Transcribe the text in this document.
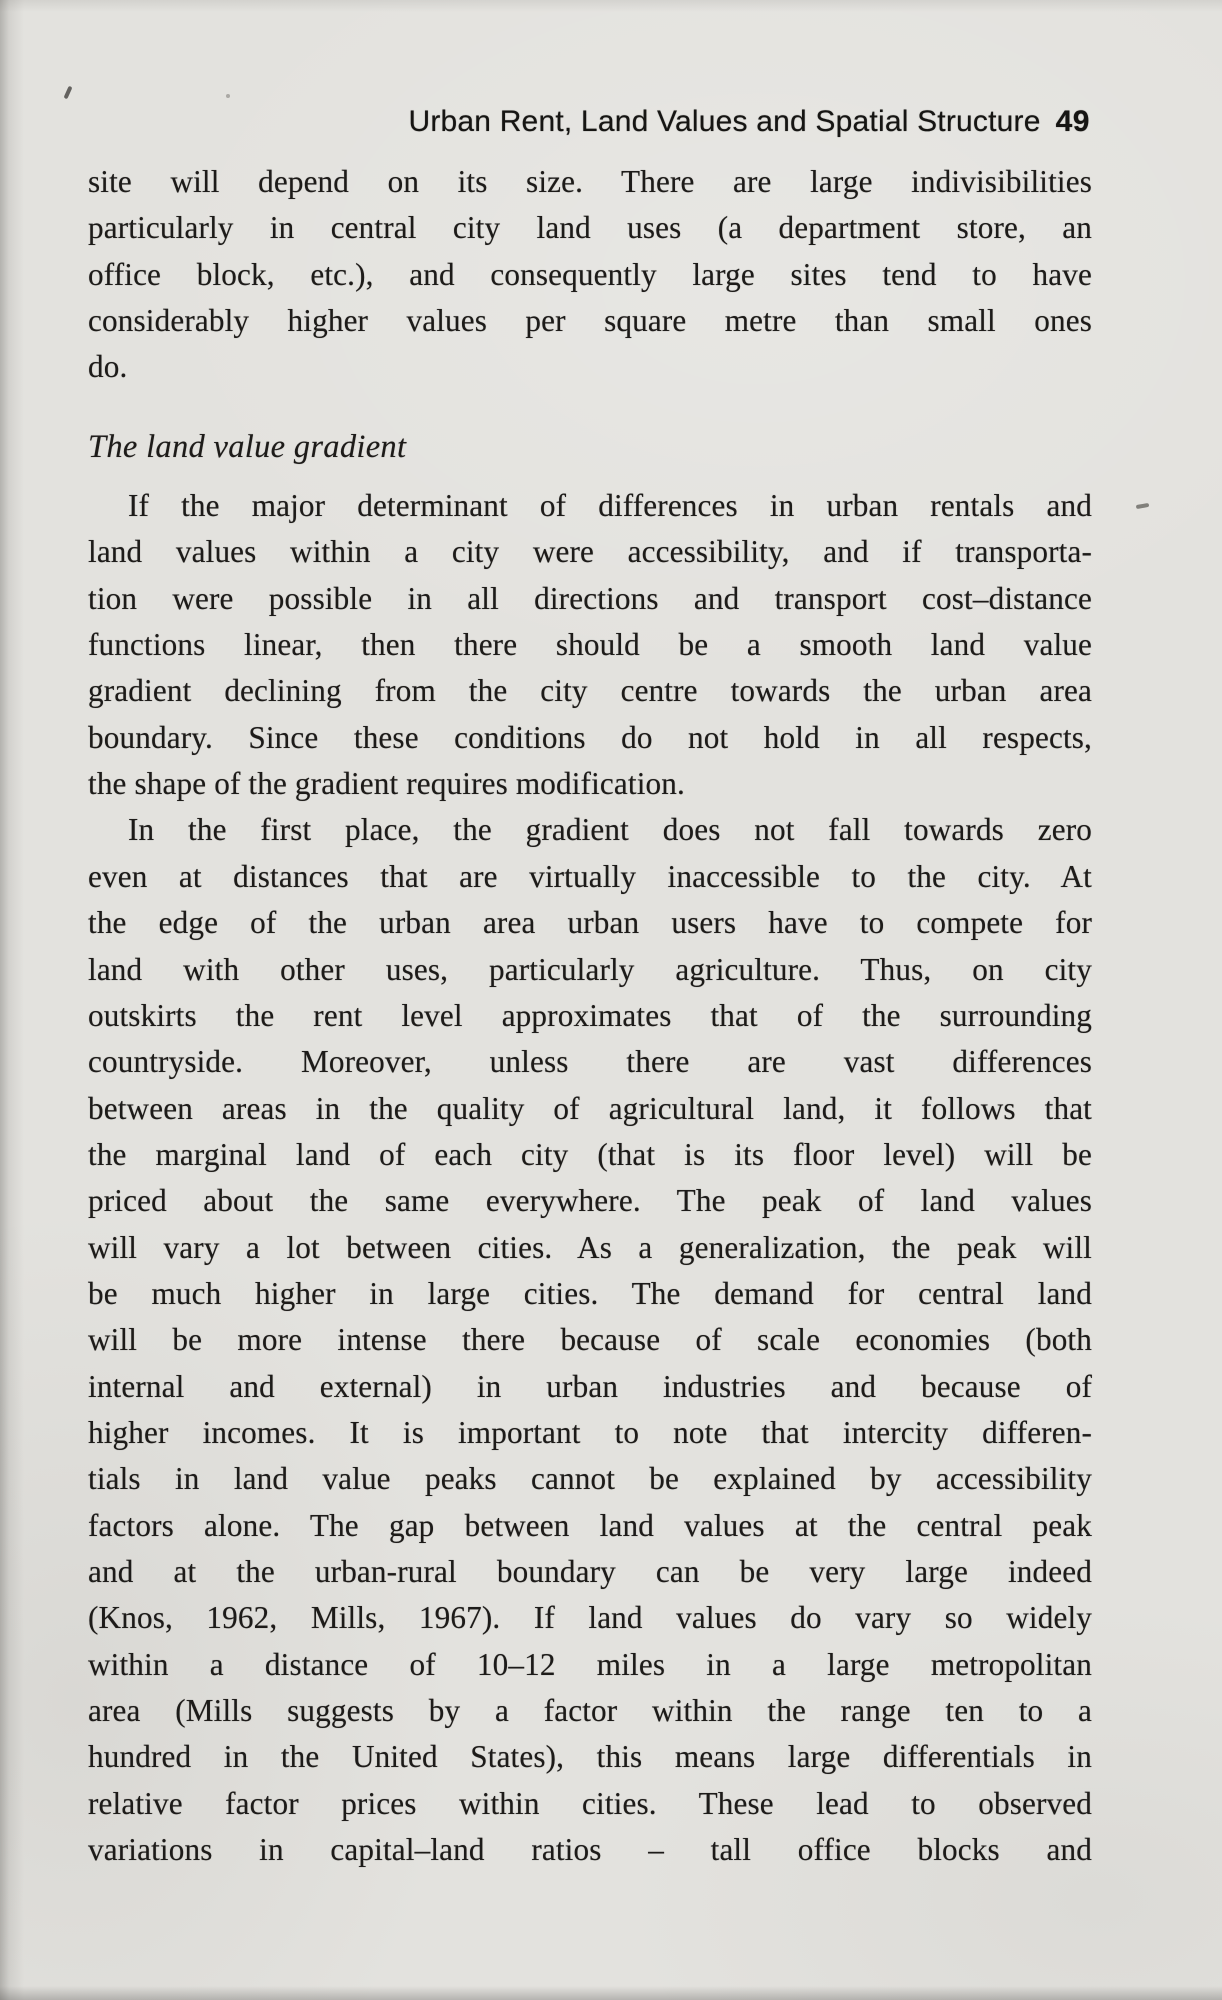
Urban Rent, Land Values and Spatial Structure 49
site will depend on its size. There are large indivisibilities
particularly in central city land uses (a department store, an
office block, etc.), and consequently large sites tend to have
considerably higher values per square metre than small ones
do.
The land value gradient
If the major determinant of differences in urban rentals and
land values within a city were accessibility, and if transporta-
tion were possible in all directions and transport cost–distance
functions linear, then there should be a smooth land value
gradient declining from the city centre towards the urban area
boundary. Since these conditions do not hold in all respects,
the shape of the gradient requires modification.
In the first place, the gradient does not fall towards zero
even at distances that are virtually inaccessible to the city. At
the edge of the urban area urban users have to compete for
land with other uses, particularly agriculture. Thus, on city
outskirts the rent level approximates that of the surrounding
countryside. Moreover, unless there are vast differences
between areas in the quality of agricultural land, it follows that
the marginal land of each city (that is its floor level) will be
priced about the same everywhere. The peak of land values
will vary a lot between cities. As a generalization, the peak will
be much higher in large cities. The demand for central land
will be more intense there because of scale economies (both
internal and external) in urban industries and because of
higher incomes. It is important to note that intercity differen-
tials in land value peaks cannot be explained by accessibility
factors alone. The gap between land values at the central peak
and at the urban-rural boundary can be very large indeed
(Knos, 1962, Mills, 1967). If land values do vary so widely
within a distance of 10–12 miles in a large metropolitan
area (Mills suggests by a factor within the range ten to a
hundred in the United States), this means large differentials in
relative factor prices within cities. These lead to observed
variations in capital–land ratios – tall office blocks and
